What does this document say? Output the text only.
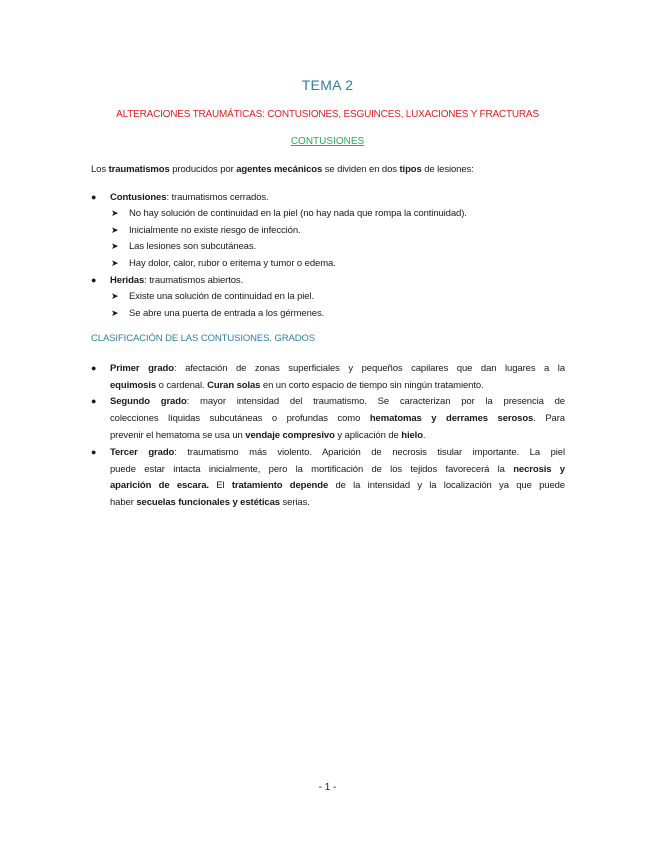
TEMA 2
ALTERACIONES TRAUMÁTICAS: CONTUSIONES, ESGUINCES, LUXACIONES Y FRACTURAS
CONTUSIONES
Los traumatismos producidos por agentes mecánicos se dividen en dos tipos de lesiones:
● Contusiones: traumatismos cerrados.
➤ No hay solución de continuidad en la piel (no hay nada que rompa la continuidad).
➤ Inicialmente no existe riesgo de infección.
➤ Las lesiones son subcutáneas.
➤ Hay dolor, calor, rubor o eritema y tumor o edema.
● Heridas: traumatismos abiertos.
➤ Existe una solución de continuidad en la piel.
➤ Se abre una puerta de entrada a los gérmenes.
CLASIFICACIÓN DE LAS CONTUSIONES. GRADOS
● Primer grado: afectación de zonas superficiales y pequeños capilares que dan lugares a la
equimosis o cardenal. Curan solas en un corto espacio de tiempo sin ningún tratamiento.
● Segundo grado: mayor intensidad del traumatismo. Se caracterizan por la presencia de
colecciones líquidas subcutáneas o profundas como hematomas y derrames serosos. Para
prevenir el hematoma se usa un vendaje compresivo y aplicación de hielo.
● Tercer grado: traumatismo más violento. Aparición de necrosis tisular importante. La piel
puede estar intacta inicialmente, pero la mortificación de los tejidos favorecerá la necrosis y
aparición de escara. El tratamiento depende de la intensidad y la localización ya que puede
haber secuelas funcionales y estéticas serias.
- 1 -
